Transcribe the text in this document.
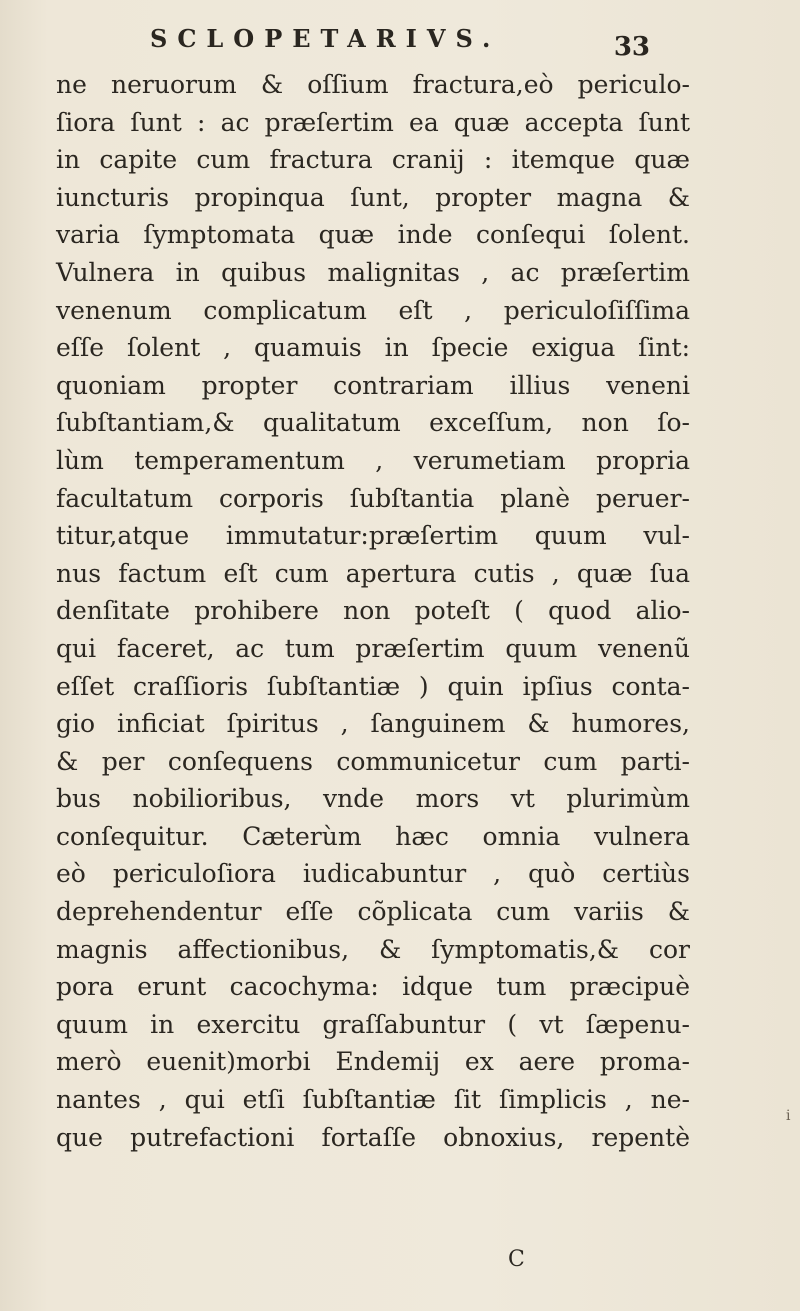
SCLOPETARIVS.	33
ne neruorum & oſſium fractura,eò periculo-
ſiora ſunt : ac præſertim ea quæ accepta ſunt
in capite cum fractura cranij : itemque quæ
iuncturis propinqua ſunt, propter magna &
varia ſymptomata quæ inde conſequi ſolent.
Vulnera in quibus malignitas , ac præſertim
venenum complicatum eſt , periculoſiſſima
eſſe ſolent , quamuis in ſpecie exigua ſint:
quoniam propter contrariam illius veneni
ſubſtantiam,& qualitatum exceſſum, non ſo-
lùm temperamentum , verumetiam propria
facultatum corporis ſubſtantia planè peruer-
titur,atque immutatur:præſertim quum vul-
nus factum eſt cum apertura cutis , quæ ſua
denſitate prohibere non poteſt ( quod alio-
qui faceret, ac tum præſertim quum venenũ
eſſet craſſioris ſubſtantiæ ) quin ipſius conta-
gio inficiat ſpiritus , ſanguinem & humores,
& per conſequens communicetur cum parti-
bus nobilioribus, vnde mors vt plurimùm
conſequitur. Cæterùm hæc omnia vulnera
eò periculoſiora iudicabuntur , quò certiùs
deprehendentur eſſe cõplicata cum variis &
magnis affectionibus, & ſymptomatis,& cor
pora erunt cacochyma: idque tum præcipuè
quum in exercitu graſſabuntur ( vt ſæpenu-
merò euenit)morbi Endemij ex aere proma-
nantes , qui etſi ſubſtantiæ ſit ſimplicis , ne-
que putrefactioni fortaſſe obnoxius, repentè
C
i
